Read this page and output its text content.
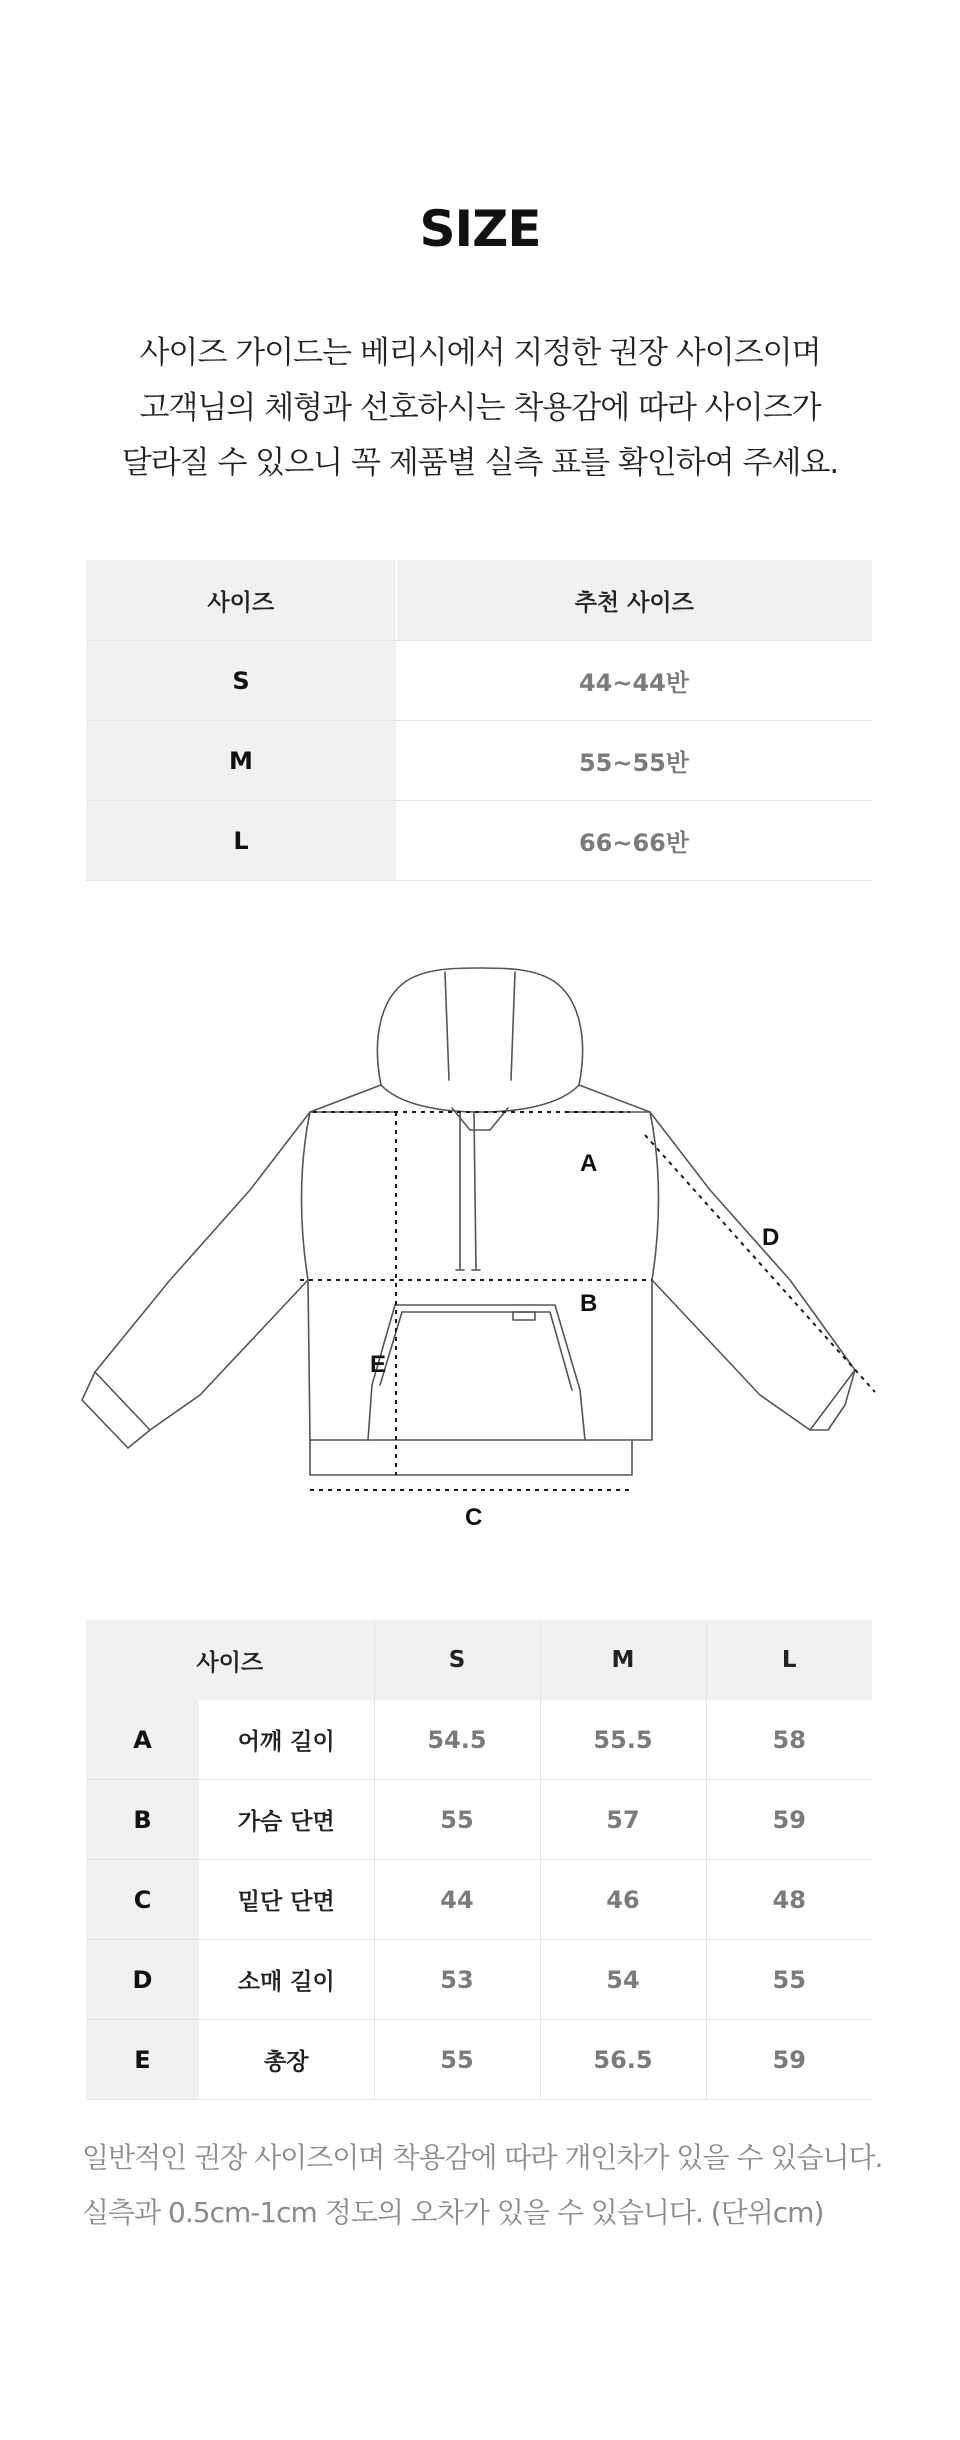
SIZE

사이즈 가이드는 베리시에서 지정한 권장 사이즈이며

고객님의 체형과 선호하시는 착용감에 따라 사이즈가

달라질 수 있으니 꼭 제품별 실측 표를 확인하여 주세요.

사이즈	추천 사이즈
S	44~44반
M	55~55반
L	66~66반
A
B
C
D
E
사이즈		S	M	L
A	어깨 길이	54.5	55.5	58
B	가슴 단면	55	57	59
C	밑단 단면	44	46	48
D	소매 길이	53	54	55
E	총장	55	56.5	59

일반적인 권장 사이즈이며 착용감에 따라 개인차가 있을 수 있습니다.

실측과 0.5cm-1cm 정도의 오차가 있을 수 있습니다. (단위cm)
